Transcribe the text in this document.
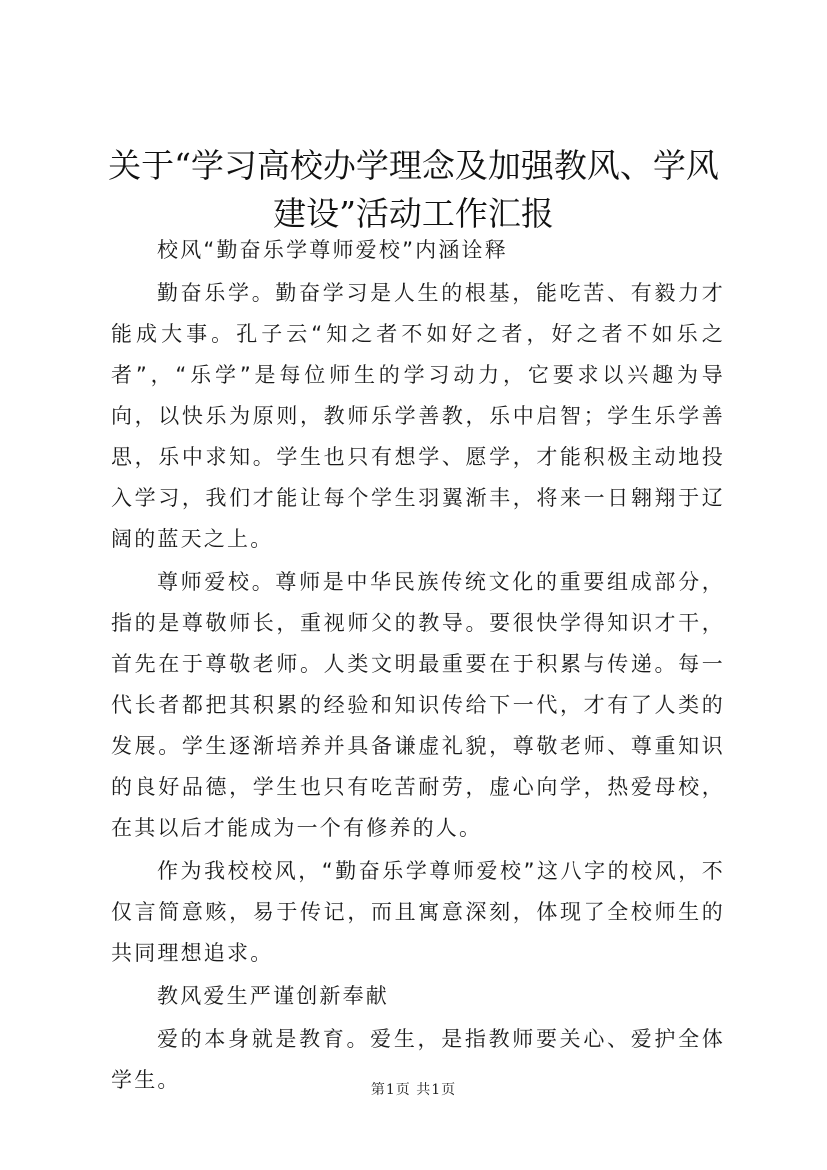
关于“学习高校办学理念及加强教风、学风建设”活动工作汇报

校风“勤奋乐学尊师爱校”内涵诠释

勤奋乐学。勤奋学习是人生的根基，能吃苦、有毅力才能成大事。孔子云“知之者不如好之者，好之者不如乐之者”，“乐学”是每位师生的学习动力，它要求以兴趣为导向，以快乐为原则，教师乐学善教，乐中启智；学生乐学善思，乐中求知。学生也只有想学、愿学，才能积极主动地投入学习，我们才能让每个学生羽翼渐丰，将来一日翱翔于辽阔的蓝天之上。

尊师爱校。尊师是中华民族传统文化的重要组成部分，指的是尊敬师长，重视师父的教导。要很快学得知识才干，首先在于尊敬老师。人类文明最重要在于积累与传递。每一代长者都把其积累的经验和知识传给下一代，才有了人类的发展。学生逐渐培养并具备谦虚礼貌，尊敬老师、尊重知识的良好品德，学生也只有吃苦耐劳，虚心向学，热爱母校，在其以后才能成为一个有修养的人。

作为我校校风，“勤奋乐学尊师爱校”这八字的校风，不仅言简意赅，易于传记，而且寓意深刻，体现了全校师生的共同理想追求。

教风爱生严谨创新奉献

爱的本身就是教育。爱生，是指教师要关心、爱护全体学生。	第1页 共1页
